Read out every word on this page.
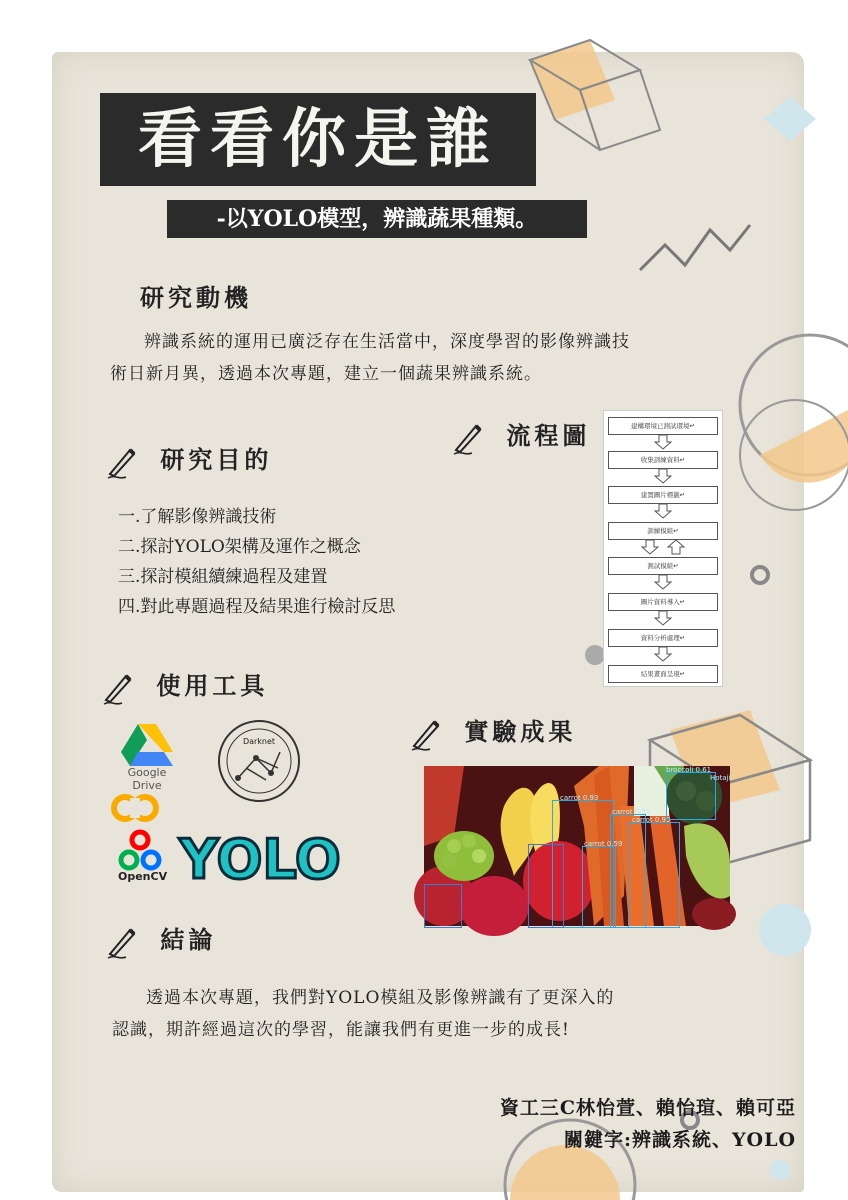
看看你是誰
-以YOLO模型，辨識蔬果種類。
研究動機
辨識系統的運用已廣泛存在生活當中，深度學習的影像辨識技
術日新月異，透過本次專題，建立一個蔬果辨識系統。
研究目的
一.了解影像辨識技術
二.探討YOLO架構及運作之概念
三.探討模組續練過程及建置
四.對此專題過程及結果進行檢討反思
流程圖	建構環境已測試環境↵
收集訓練資料↵
建置圖片標籤↵
訓練模組↵
測試模組↵
圖片資料導入↵
資料分析處理↵
結果畫面呈現↵
使用工具
Google Drive
Darknet
OpenCV YOLO
實驗成果
carrot 0.93
carrot 0.55
carrot 0.59
carrot 0.93
broccoli 0.61
Hotaji
結論
透過本次專題，我們對YOLO模組及影像辨識有了更深入的
認識，期許經過這次的學習，能讓我們有更進一步的成長!
資工三C林怡萱、賴怡瑄、賴可亞
關鍵字:辨識系統、YOLO
